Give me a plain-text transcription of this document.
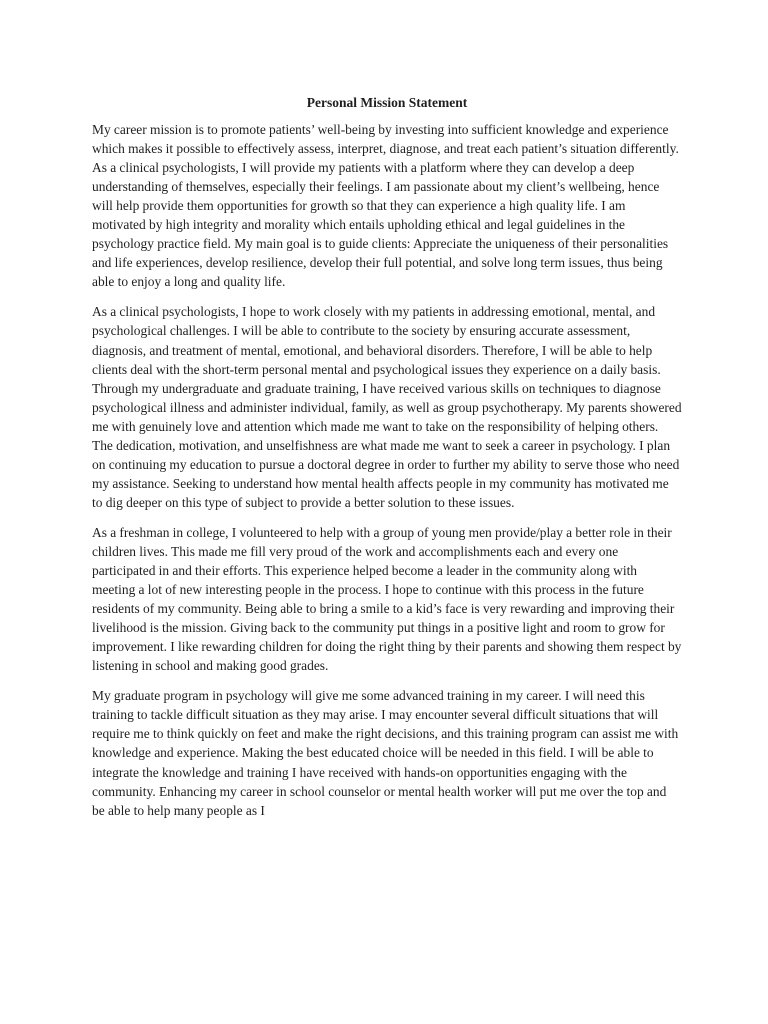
Personal Mission Statement

My career mission is to promote patients’ well-being by investing into sufficient knowledge and experience which makes it possible to effectively assess, interpret, diagnose, and treat each patient’s situation differently. As a clinical psychologists, I will provide my patients with a platform where they can develop a deep understanding of themselves, especially their feelings. I am passionate about my client’s wellbeing, hence will help provide them opportunities for growth so that they can experience a high quality life. I am motivated by high integrity and morality which entails upholding ethical and legal guidelines in the psychology practice field. My main goal is to guide clients: Appreciate the uniqueness of their personalities and life experiences, develop resilience, develop their full potential, and solve long term issues, thus being able to enjoy a long and quality life.

As a clinical psychologists, I hope to work closely with my patients in addressing emotional, mental, and psychological challenges. I will be able to contribute to the society by ensuring accurate assessment, diagnosis, and treatment of mental, emotional, and behavioral disorders. Therefore, I will be able to help clients deal with the short-term personal mental and psychological issues they experience on a daily basis. Through my undergraduate and graduate training, I have received various skills on techniques to diagnose psychological illness and administer individual, family, as well as group psychotherapy. My parents showered me with genuinely love and attention which made me want to take on the responsibility of helping others. The dedication, motivation, and unselfishness are what made me want to seek a career in psychology. I plan on continuing my education to pursue a doctoral degree in order to further my ability to serve those who need my assistance. Seeking to understand how mental health affects people in my community has motivated me to dig deeper on this type of subject to provide a better solution to these issues.

As a freshman in college, I volunteered to help with a group of young men provide/play a better role in their children lives. This made me fill very proud of the work and accomplishments each and every one participated in and their efforts. This experience helped become a leader in the community along with meeting a lot of new interesting people in the process. I hope to continue with this process in the future residents of my community. Being able to bring a smile to a kid’s face is very rewarding and improving their livelihood is the mission. Giving back to the community put things in a positive light and room to grow for improvement. I like rewarding children for doing the right thing by their parents and showing them respect by listening in school and making good grades.

My graduate program in psychology will give me some advanced training in my career. I will need this training to tackle difficult situation as they may arise. I may encounter several difficult situations that will require me to think quickly on feet and make the right decisions, and this training program can assist me with knowledge and experience. Making the best educated choice will be needed in this field. I will be able to integrate the knowledge and training I have received with hands-on opportunities engaging with the community. Enhancing my career in school counselor or mental health worker will put me over the top and be able to help many people as I
